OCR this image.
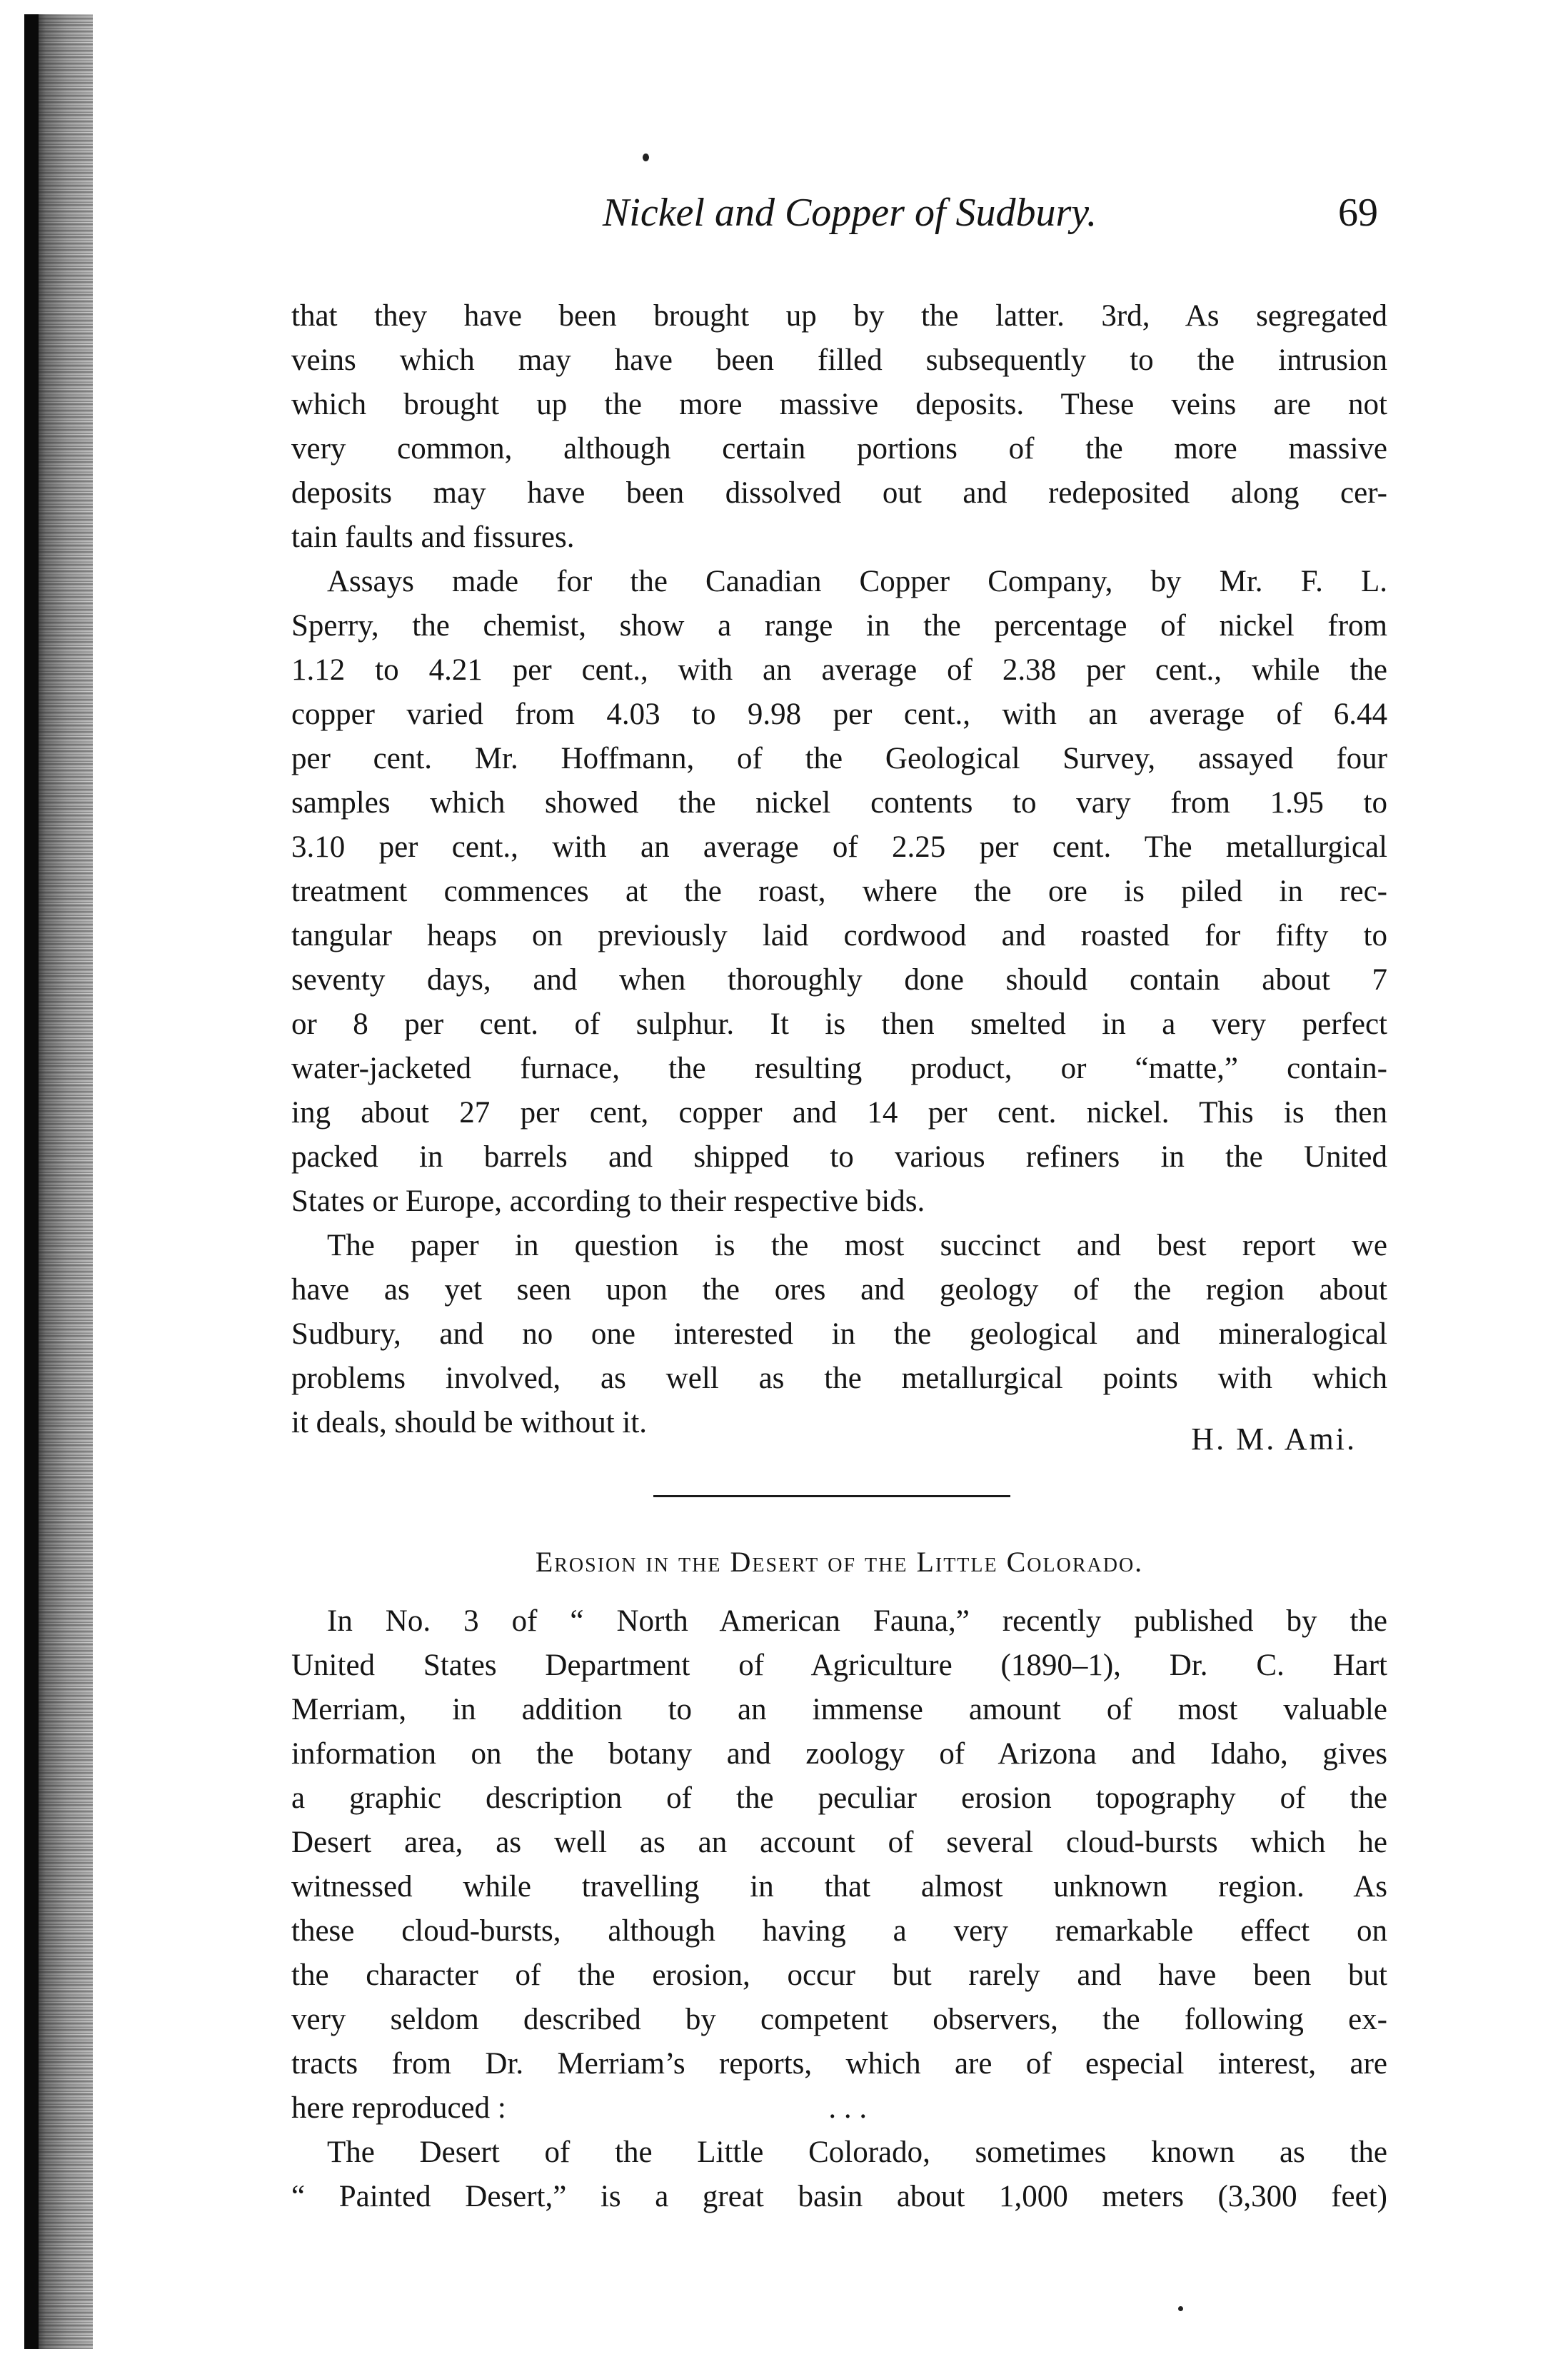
Nickel and Copper of Sudbury.	69
that they have been brought up by the latter. 3rd, As segregated
veins which may have been filled subsequently to the intrusion
which brought up the more massive deposits. These veins are not
very common, although certain portions of the more massive
deposits may have been dissolved out and redeposited along cer-
tain faults and fissures.
Assays made for the Canadian Copper Company, by Mr. F. L.
Sperry, the chemist, show a range in the percentage of nickel from
1.12 to 4.21 per cent., with an average of 2.38 per cent., while the
copper varied from 4.03 to 9.98 per cent., with an average of 6.44
per cent. Mr. Hoffmann, of the Geological Survey, assayed four
samples which showed the nickel contents to vary from 1.95 to
3.10 per cent., with an average of 2.25 per cent. The metallurgical
treatment commences at the roast, where the ore is piled in rec-
tangular heaps on previously laid cordwood and roasted for fifty to
seventy days, and when thoroughly done should contain about 7
or 8 per cent. of sulphur. It is then smelted in a very perfect
water-jacketed furnace, the resulting product, or “matte,” contain-
ing about 27 per cent, copper and 14 per cent. nickel. This is then
packed in barrels and shipped to various refiners in the United
States or Europe, according to their respective bids.
The paper in question is the most succinct and best report we
have as yet seen upon the ores and geology of the region about
Sudbury, and no one interested in the geological and mineralogical
problems involved, as well as the metallurgical points with which
it deals, should be without it.	H. M. Ami.
Erosion in the Desert of the Little Colorado.
In No. 3 of “ North American Fauna,” recently published by the
United States Department of Agriculture (1890–1), Dr. C. Hart
Merriam, in addition to an immense amount of most valuable
information on the botany and zoology of Arizona and Idaho, gives
a graphic description of the peculiar erosion topography of the
Desert area, as well as an account of several cloud-bursts which he
witnessed while travelling in that almost unknown region. As
these cloud-bursts, although having a very remarkable effect on
the character of the erosion, occur but rarely and have been but
very seldom described by competent observers, the following ex-
tracts from Dr. Merriam’s reports, which are of especial interest, are
here reproduced :                                          . . .
The Desert of the Little Colorado, sometimes known as the
“ Painted Desert,” is a great basin about 1,000 meters (3,300 feet)
